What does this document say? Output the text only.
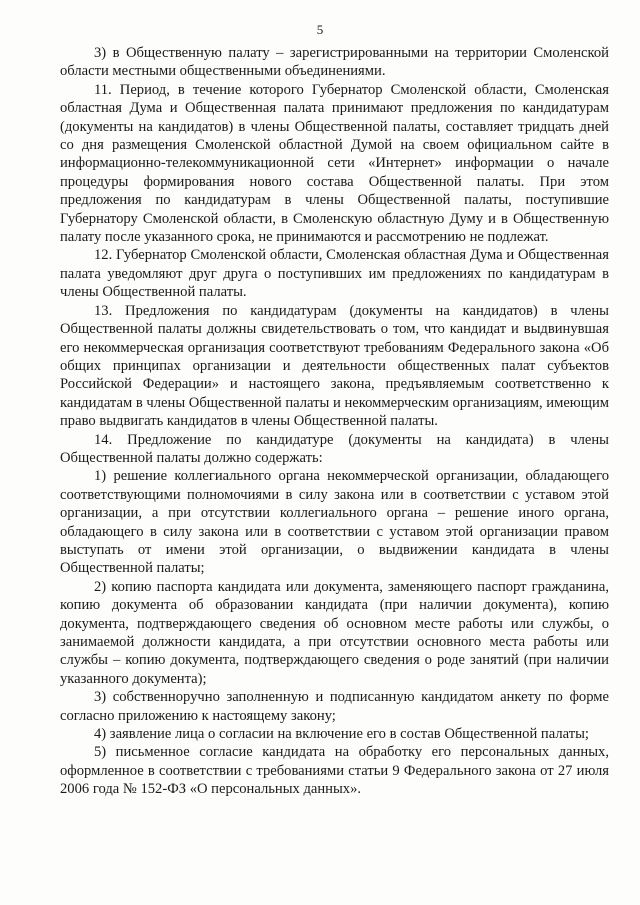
5

3) в Общественную палату – зарегистрированными на территории Смоленской области местными общественными объединениями.

11. Период, в течение которого Губернатор Смоленской области, Смоленская областная Дума и Общественная палата принимают предложения по кандидатурам (документы на кандидатов) в члены Общественной палаты, составляет тридцать дней со дня размещения Смоленской областной Думой на своем официальном сайте в информационно-телекоммуникационной сети «Интернет» информации о начале процедуры формирования нового состава Общественной палаты. При этом предложения по кандидатурам в члены Общественной палаты, поступившие Губернатору Смоленской области, в Смоленскую областную Думу и в Общественную палату после указанного срока, не принимаются и рассмотрению не подлежат.

12. Губернатор Смоленской области, Смоленская областная Дума и Общественная палата уведомляют друг друга о поступивших им предложениях по кандидатурам в члены Общественной палаты.

13. Предложения по кандидатурам (документы на кандидатов) в члены Общественной палаты должны свидетельствовать о том, что кандидат и выдвинувшая его некоммерческая организация соответствуют требованиям Федерального закона «Об общих принципах организации и деятельности общественных палат субъектов Российской Федерации» и настоящего закона, предъявляемым соответственно к кандидатам в члены Общественной палаты и некоммерческим организациям, имеющим право выдвигать кандидатов в члены Общественной палаты.

14. Предложение по кандидатуре (документы на кандидата) в члены Общественной палаты должно содержать:

1) решение коллегиального органа некоммерческой организации, обладающего соответствующими полномочиями в силу закона или в соответствии с уставом этой организации, а при отсутствии коллегиального органа – решение иного органа, обладающего в силу закона или в соответствии с уставом этой организации правом выступать от имени этой организации, о выдвижении кандидата в члены Общественной палаты;

2) копию паспорта кандидата или документа, заменяющего паспорт гражданина, копию документа об образовании кандидата (при наличии документа), копию документа, подтверждающего сведения об основном месте работы или службы, о занимаемой должности кандидата, а при отсутствии основного места работы или службы – копию документа, подтверждающего сведения о роде занятий (при наличии указанного документа);

3) собственноручно заполненную и подписанную кандидатом анкету по форме согласно приложению к настоящему закону;

4) заявление лица о согласии на включение его в состав Общественной палаты;

5) письменное согласие кандидата на обработку его персональных данных, оформленное в соответствии с требованиями статьи 9 Федерального закона от 27 июля 2006 года № 152-ФЗ «О персональных данных».
